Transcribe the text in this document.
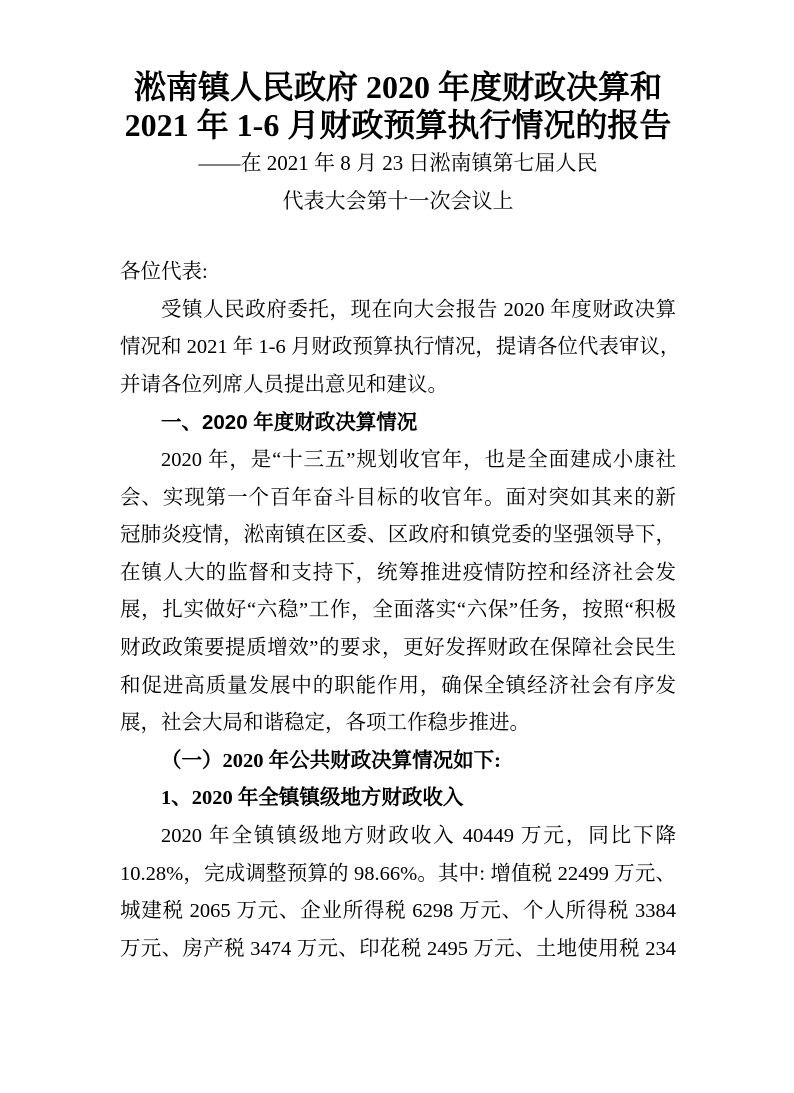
淞南镇人民政府 2020 年度财政决算和
2021 年 1-6 月财政预算执行情况的报告
——在 2021 年 8 月 23 日淞南镇第七届人民
代表大会第十一次会议上
各位代表:
受镇人民政府委托，现在向大会报告 2020 年度财政决算
情况和 2021 年 1-6 月财政预算执行情况，提请各位代表审议，
并请各位列席人员提出意见和建议。
一、2020 年度财政决算情况
2020 年，是“十三五”规划收官年，也是全面建成小康社
会、实现第一个百年奋斗目标的收官年。面对突如其来的新
冠肺炎疫情，淞南镇在区委、区政府和镇党委的坚强领导下，
在镇人大的监督和支持下，统筹推进疫情防控和经济社会发
展，扎实做好“六稳”工作，全面落实“六保”任务，按照“积极
财政政策要提质增效”的要求，更好发挥财政在保障社会民生
和促进高质量发展中的职能作用，确保全镇经济社会有序发
展，社会大局和谐稳定，各项工作稳步推进。
（一）2020 年公共财政决算情况如下:
1、2020 年全镇镇级地方财政收入
2020 年全镇镇级地方财政收入 40449 万元，同比下降
10.28%，完成调整预算的 98.66%。其中: 增值税 22499 万元、
城建税 2065 万元、企业所得税 6298 万元、个人所得税 3384
万元、房产税 3474 万元、印花税 2495 万元、土地使用税 234
